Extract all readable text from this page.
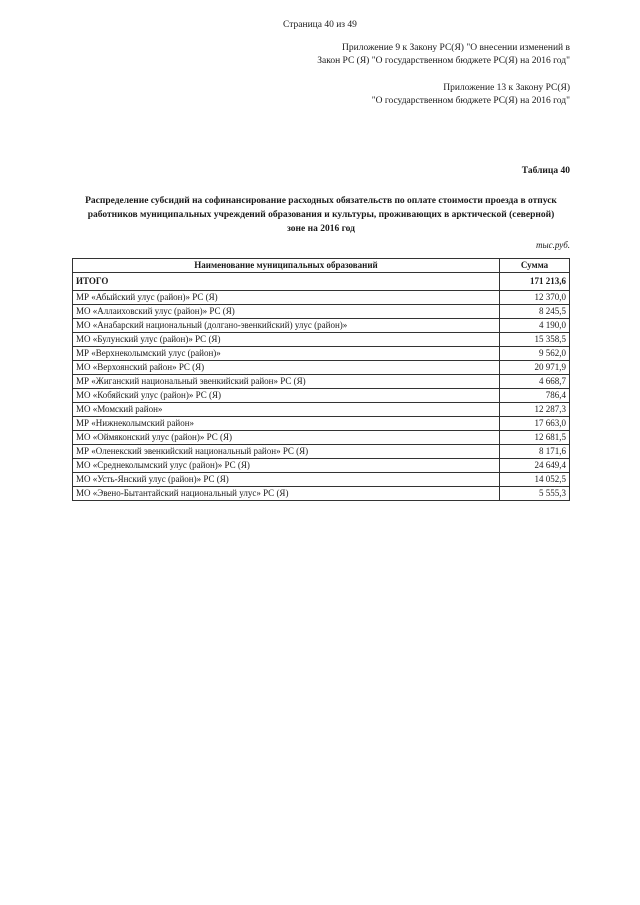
Страница 40 из 49
Приложение 9 к Закону РС(Я) "О внесении изменений в
Закон РС (Я) "О государственном бюджете РС(Я) на 2016 год"
Приложение 13 к Закону РС(Я)
"О государственном бюджете РС(Я) на 2016 год"
Таблица 40
Распределение субсидий на софинансирование расходных обязательств по оплате стоимости проезда в отпуск
работников муниципальных учреждений образования и культуры, проживающих в арктической (северной)
зоне на 2016 год
тыс.руб.
Наименование муниципальных образований	Сумма
ИТОГО	171 213,6
МР «Абыйский улус (район)» РС (Я)	12 370,0
МО «Аллаиховский улус (район)» РС (Я)	8 245,5
МО «Анабарский национальный (долгано-эвенкийский) улус (район)»	4 190,0
МО «Булунский улус (район)» РС (Я)	15 358,5
МР «Верхнеколымский улус (район)»	9 562,0
МО «Верхоянский район» РС (Я)	20 971,9
МР «Жиганский национальный эвенкийский район» РС (Я)	4 668,7
МО «Кобяйский улус (район)» РС (Я)	786,4
МО «Момский район»	12 287,3
МР «Нижнеколымский район»	17 663,0
МО «Оймяконский улус (район)» РС (Я)	12 681,5
МР «Оленекский эвенкийский национальный район» РС (Я)	8 171,6
МО «Среднеколымский улус (район)» РС (Я)	24 649,4
МО «Усть-Янский улус (район)» РС (Я)	14 052,5
МО «Эвено-Бытантайский национальный улус» РС (Я)	5 555,3
